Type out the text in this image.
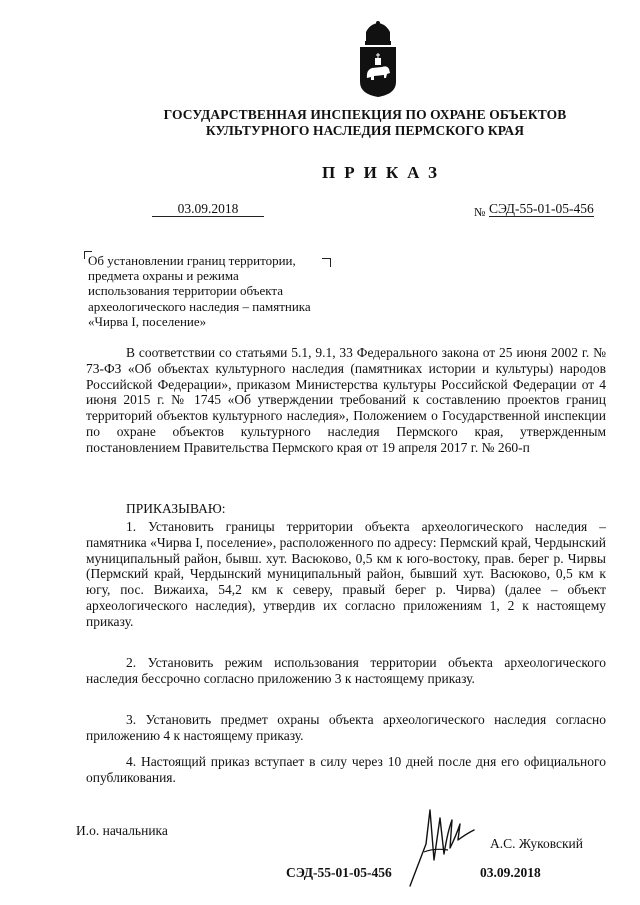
ГОСУДАРСТВЕННАЯ ИНСПЕКЦИЯ ПО ОХРАНЕ ОБЪЕКТОВ
КУЛЬТУРНОГО НАСЛЕДИЯ ПЕРМСКОГО КРАЯ
ПРИКАЗ
03.09.2018	№ СЭД-55-01-05-456
Об установлении границ территории, предмета охраны и режима использования территории объекта археологического наследия – памятника «Чирва I, поселение»
В соответствии со статьями 5.1, 9.1, 33 Федерального закона от 25 июня 2002 г. № 73-ФЗ «Об объектах культурного наследия (памятниках истории и культуры) народов Российской Федерации», приказом Министерства культуры Российской Федерации от 4 июня 2015 г. № 1745 «Об утверждении требований к составлению проектов границ территорий объектов культурного наследия», Положением о Государственной инспекции по охране объектов культурного наследия Пермского края, утвержденным постановлением Правительства Пермского края от 19 апреля 2017 г. № 260-п
ПРИКАЗЫВАЮ:
1. Установить границы территории объекта археологического наследия – памятника «Чирва I, поселение», расположенного по адресу: Пермский край, Чердынский муниципальный район, бывш. хут. Васюково, 0,5 км к юго-востоку, прав. берег р. Чирвы (Пермский край, Чердынский муниципальный район, бывший хут. Васюково, 0,5 км к югу, пос. Вижаиха, 54,2 км к северу, правый берег р. Чирва) (далее – объект археологического наследия), утвердив их согласно приложениям 1, 2 к настоящему приказу.
2. Установить режим использования территории объекта археологического наследия бессрочно согласно приложению 3 к настоящему приказу.
3. Установить предмет охраны объекта археологического наследия согласно приложению 4 к настоящему приказу.
4. Настоящий приказ вступает в силу через 10 дней после дня его официального опубликования.
И.о. начальника
А.С. Жуковский
СЭД-55-01-05-456	03.09.2018
